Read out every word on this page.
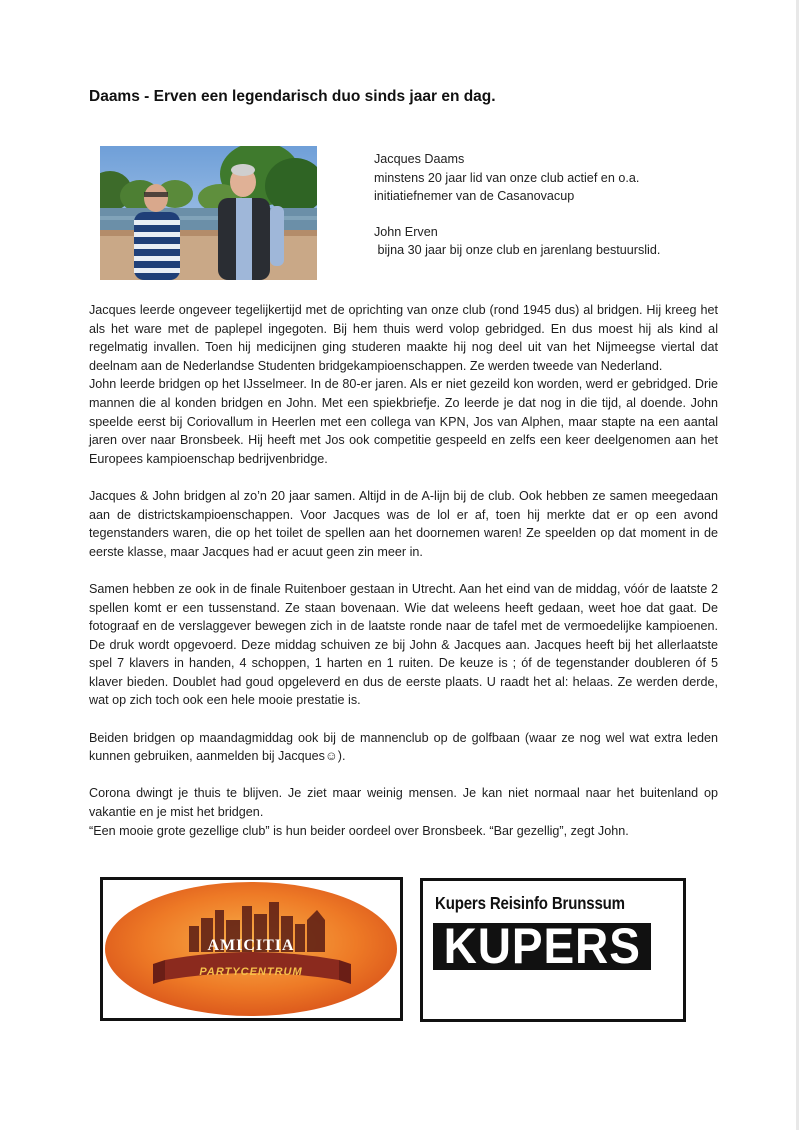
Daams - Erven een legendarisch duo sinds jaar en dag.

Jacques Daams

minstens 20 jaar lid van onze club actief en o.a.

initiatiefnemer van de Casanovacup

John Erven

bijna 30 jaar bij onze club en jarenlang bestuurslid.

Jacques leerde ongeveer tegelijkertijd met de oprichting van onze club (rond 1945 dus) al bridgen. Hij kreeg het als het ware met de paplepel ingegoten. Bij hem thuis werd volop gebridged. En dus moest hij als kind al regelmatig invallen. Toen hij medicijnen ging studeren maakte hij nog deel uit van het Nijmeegse viertal dat deelnam aan de Nederlandse Studenten bridgekampioenschappen. Ze werden tweede van Nederland.

John leerde bridgen op het IJsselmeer. In de 80-er jaren. Als er niet gezeild kon worden, werd er gebridged. Drie mannen die al konden bridgen en John. Met een spiekbriefje. Zo leerde je dat nog in die tijd, al doende. John speelde eerst bij Coriovallum in Heerlen met een collega van KPN, Jos van Alphen, maar stapte na een aantal jaren over naar Bronsbeek. Hij heeft met Jos ook competitie gespeeld en zelfs een keer deelgenomen aan het Europees kampioenschap bedrijvenbridge.

Jacques & John bridgen al zo’n 20 jaar samen. Altijd in de A-lijn bij de club. Ook hebben ze samen meegedaan aan de districtskampioenschappen. Voor Jacques was de lol er af, toen hij merkte dat er op een avond tegenstanders waren, die op het toilet de spellen aan het doornemen waren! Ze speelden op dat moment in de eerste klasse, maar Jacques had er acuut geen zin meer in.

Samen hebben ze ook in de finale Ruitenboer gestaan in Utrecht. Aan het eind van de middag, vóór de laatste 2 spellen komt er een tussenstand. Ze staan bovenaan. Wie dat weleens heeft gedaan, weet hoe dat gaat. De fotograaf en de verslaggever bewegen zich in de laatste ronde naar de tafel met de vermoedelijke kampioenen. De druk wordt opgevoerd. Deze middag schuiven ze bij John & Jacques aan. Jacques heeft bij het allerlaatste spel 7 klavers in handen, 4 schoppen, 1 harten en 1 ruiten. De keuze is ; óf de tegenstander doubleren óf 5 klaver bieden. Doublet had goud opgeleverd en dus de eerste plaats. U raadt het al: helaas. Ze werden derde, wat op zich toch ook een hele mooie prestatie is.

Beiden bridgen op maandagmiddag ook bij de mannenclub op de golfbaan (waar ze nog wel wat extra leden kunnen gebruiken, aanmelden bij Jacques☺).

Corona dwingt je thuis te blijven. Je ziet maar weinig mensen. Je kan niet normaal naar het buitenland op vakantie en je mist het bridgen.

“Een mooie grote gezellige club” is hun beider oordeel over Bronsbeek. “Bar gezellig”, zegt John.

AMICITIA
PARTYCENTRUM
Kupers Reisinfo Brunssum
KUPERS
